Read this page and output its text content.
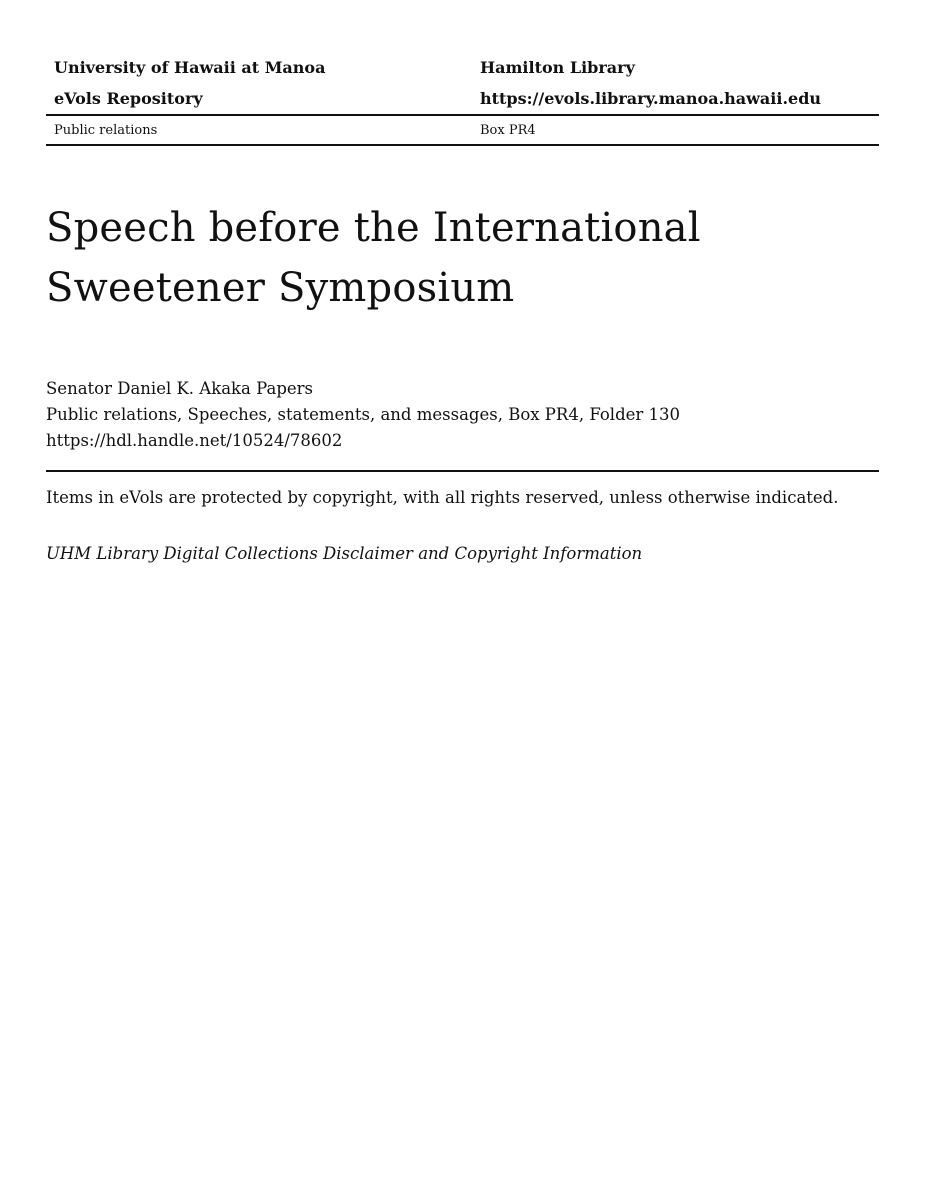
University of Hawaii at Manoa	Hamilton Library
eVols Repository	https://evols.library.manoa.hawaii.edu
Public relations	Box PR4
Speech before the International
Sweetener Symposium
Senator Daniel K. Akaka Papers
Public relations, Speeches, statements, and messages, Box PR4, Folder 130
https://hdl.handle.net/10524/78602
Items in eVols are protected by copyright, with all rights reserved, unless otherwise indicated.
UHM Library Digital Collections Disclaimer and Copyright Information
